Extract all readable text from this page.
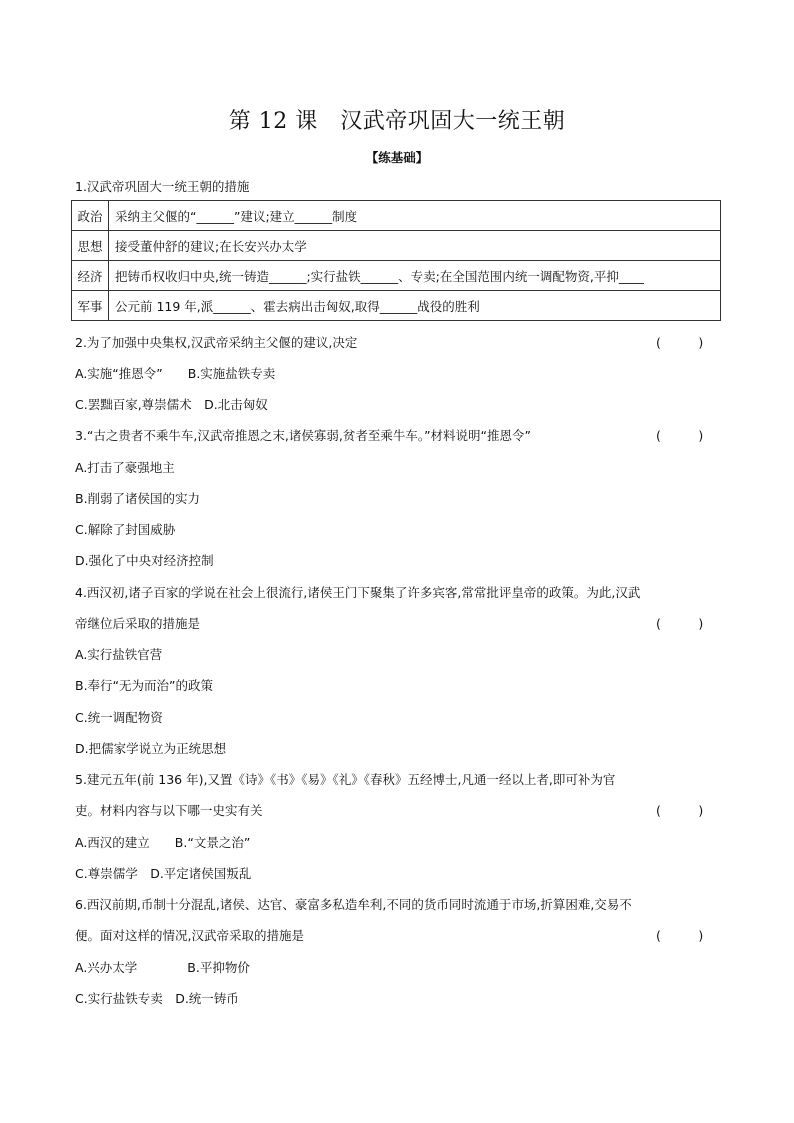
第 12 课　汉武帝巩固大一统王朝
【练基础】
1.汉武帝巩固大一统王朝的措施
政治	采纳主父偃的“______”建议;建立______制度
思想	接受董仲舒的建议;在长安兴办太学
经济	把铸币权收归中央,统一铸造______;实行盐铁______、专卖;在全国范围内统一调配物资,平抑____
军事	公元前 119 年,派______、霍去病出击匈奴,取得______战役的胜利
2.为了加强中央集权,汉武帝采纳主父偃的建议,决定	(　　　)
A.实施“推恩令”　　B.实施盐铁专卖
C.罢黜百家,尊崇儒术　D.北击匈奴
3.“古之贵者不乘牛车,汉武帝推恩之末,诸侯寡弱,贫者至乘牛车。”材料说明“推恩令”	(　　　)
A.打击了豪强地主
B.削弱了诸侯国的实力
C.解除了封国威胁
D.强化了中央对经济控制
4.西汉初,诸子百家的学说在社会上很流行,诸侯王门下聚集了许多宾客,常常批评皇帝的政策。为此,汉武
帝继位后采取的措施是	(　　　)
A.实行盐铁官营
B.奉行“无为而治”的政策
C.统一调配物资
D.把儒家学说立为正统思想
5.建元五年(前 136 年),又置《诗》《书》《易》《礼》《春秋》五经博士,凡通一经以上者,即可补为官
吏。材料内容与以下哪一史实有关	(　　　)
A.西汉的建立　　B.“文景之治”
C.尊崇儒学　D.平定诸侯国叛乱
6.西汉前期,币制十分混乱,诸侯、达官、豪富多私造牟利,不同的货币同时流通于市场,折算困难,交易不
便。面对这样的情况,汉武帝采取的措施是	(　　　)
A.兴办太学　　　　B.平抑物价
C.实行盐铁专卖　D.统一铸币
